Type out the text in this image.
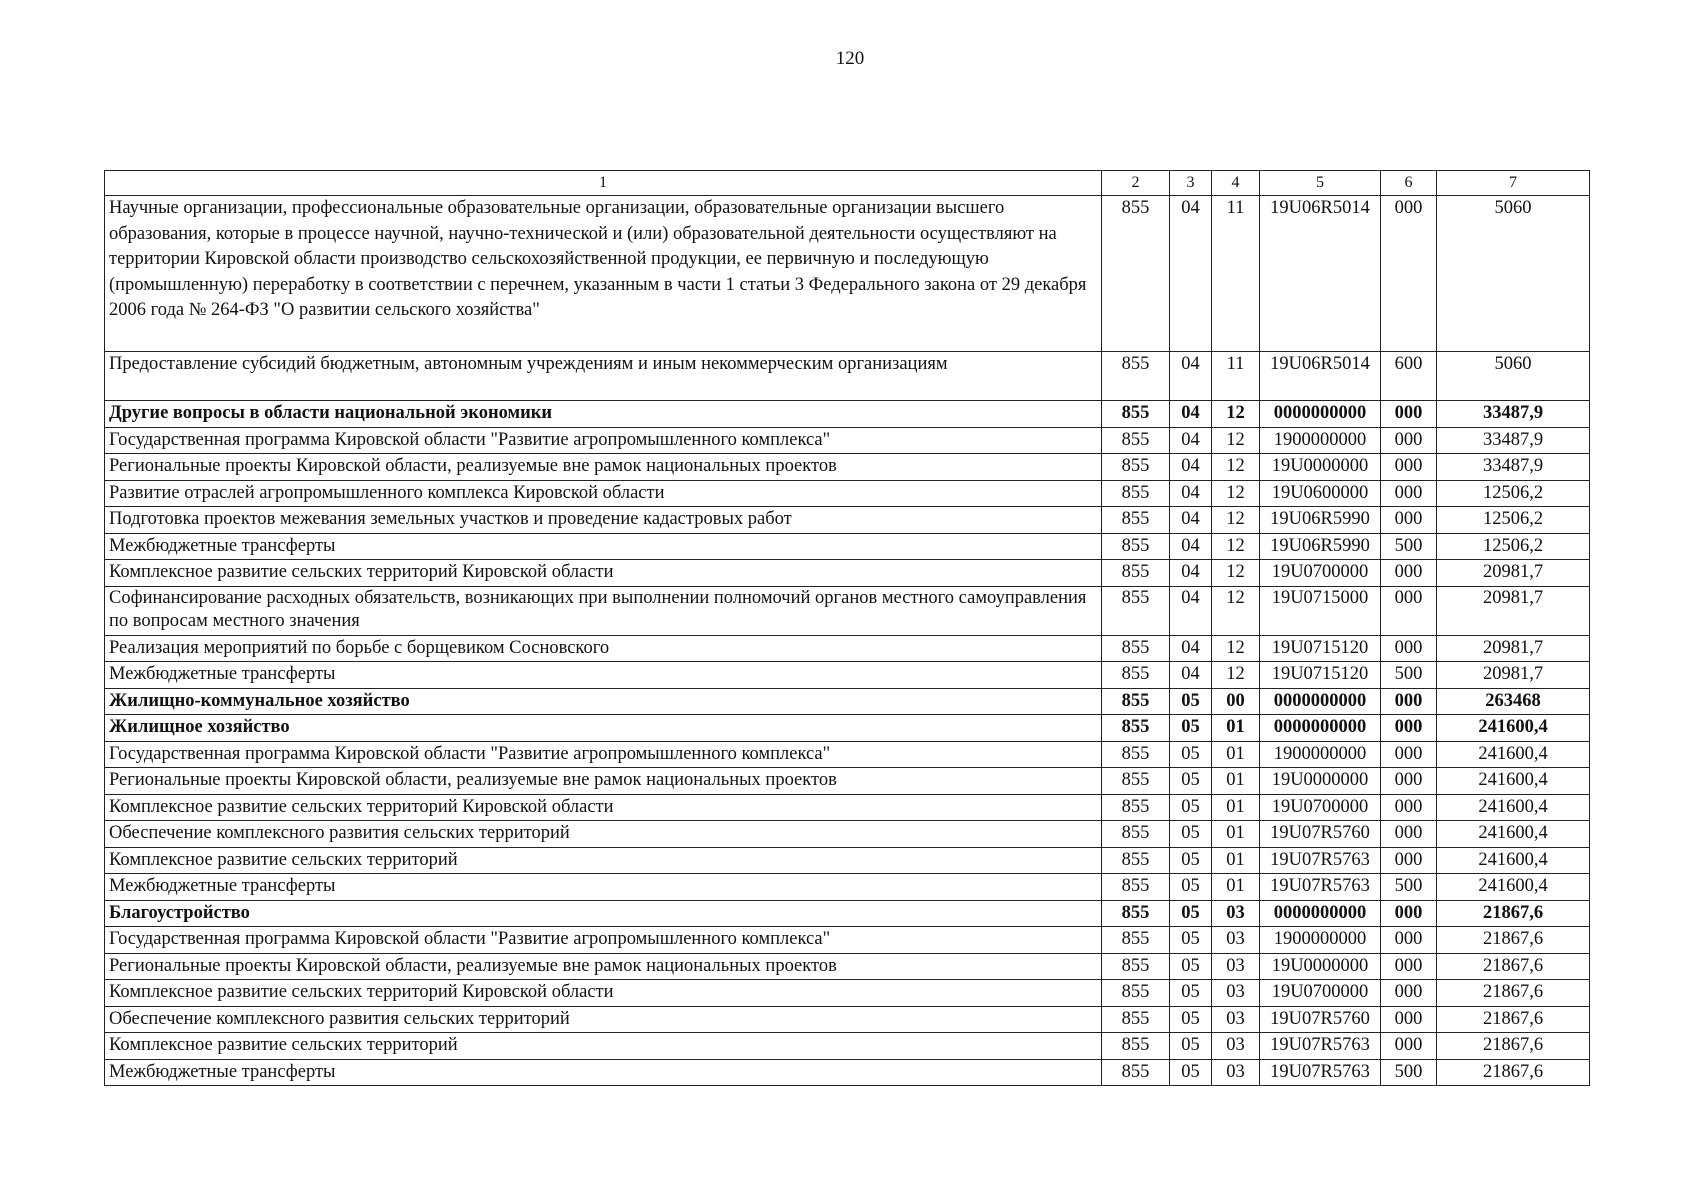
120
1	2	3	4	5	6	7
Научные организации, профессиональные образовательные организации, образовательные организации высшего образования, которые в процессе научной, научно-технической и (или) образовательной деятельности осуществляют на территории Кировской области производство сельскохозяйственной продукции, ее первичную и последующую (промышленную) переработку в соответствии с перечнем, указанным в части 1 статьи 3 Федерального закона от 29 декабря 2006 года № 264-ФЗ "О развитии сельского хозяйства"	855	04	11	19U06R5014	000	5060
Предоставление субсидий бюджетным, автономным учреждениям и иным некоммерческим организациям	855	04	11	19U06R5014	600	5060
Другие вопросы в области национальной экономики	855	04	12	0000000000	000	33487,9
Государственная программа Кировской области "Развитие агропромышленного комплекса"	855	04	12	1900000000	000	33487,9
Региональные проекты Кировской области, реализуемые вне рамок национальных проектов	855	04	12	19U0000000	000	33487,9
Развитие отраслей агропромышленного комплекса Кировской области	855	04	12	19U0600000	000	12506,2
Подготовка проектов межевания земельных участков и проведение кадастровых работ	855	04	12	19U06R5990	000	12506,2
Межбюджетные трансферты	855	04	12	19U06R5990	500	12506,2
Комплексное развитие сельских территорий Кировской области	855	04	12	19U0700000	000	20981,7
Софинансирование расходных обязательств, возникающих при выполнении полномочий органов местного самоуправления по вопросам местного значения	855	04	12	19U0715000	000	20981,7
Реализация мероприятий по борьбе с борщевиком Сосновского	855	04	12	19U0715120	000	20981,7
Межбюджетные трансферты	855	04	12	19U0715120	500	20981,7
Жилищно-коммунальное хозяйство	855	05	00	0000000000	000	263468
Жилищное хозяйство	855	05	01	0000000000	000	241600,4
Государственная программа Кировской области "Развитие агропромышленного комплекса"	855	05	01	1900000000	000	241600,4
Региональные проекты Кировской области, реализуемые вне рамок национальных проектов	855	05	01	19U0000000	000	241600,4
Комплексное развитие сельских территорий Кировской области	855	05	01	19U0700000	000	241600,4
Обеспечение комплексного развития сельских территорий	855	05	01	19U07R5760	000	241600,4
Комплексное развитие сельских территорий	855	05	01	19U07R5763	000	241600,4
Межбюджетные трансферты	855	05	01	19U07R5763	500	241600,4
Благоустройство	855	05	03	0000000000	000	21867,6
Государственная программа Кировской области "Развитие агропромышленного комплекса"	855	05	03	1900000000	000	21867,6
Региональные проекты Кировской области, реализуемые вне рамок национальных проектов	855	05	03	19U0000000	000	21867,6
Комплексное развитие сельских территорий Кировской области	855	05	03	19U0700000	000	21867,6
Обеспечение комплексного развития сельских территорий	855	05	03	19U07R5760	000	21867,6
Комплексное развитие сельских территорий	855	05	03	19U07R5763	000	21867,6
Межбюджетные трансферты	855	05	03	19U07R5763	500	21867,6
